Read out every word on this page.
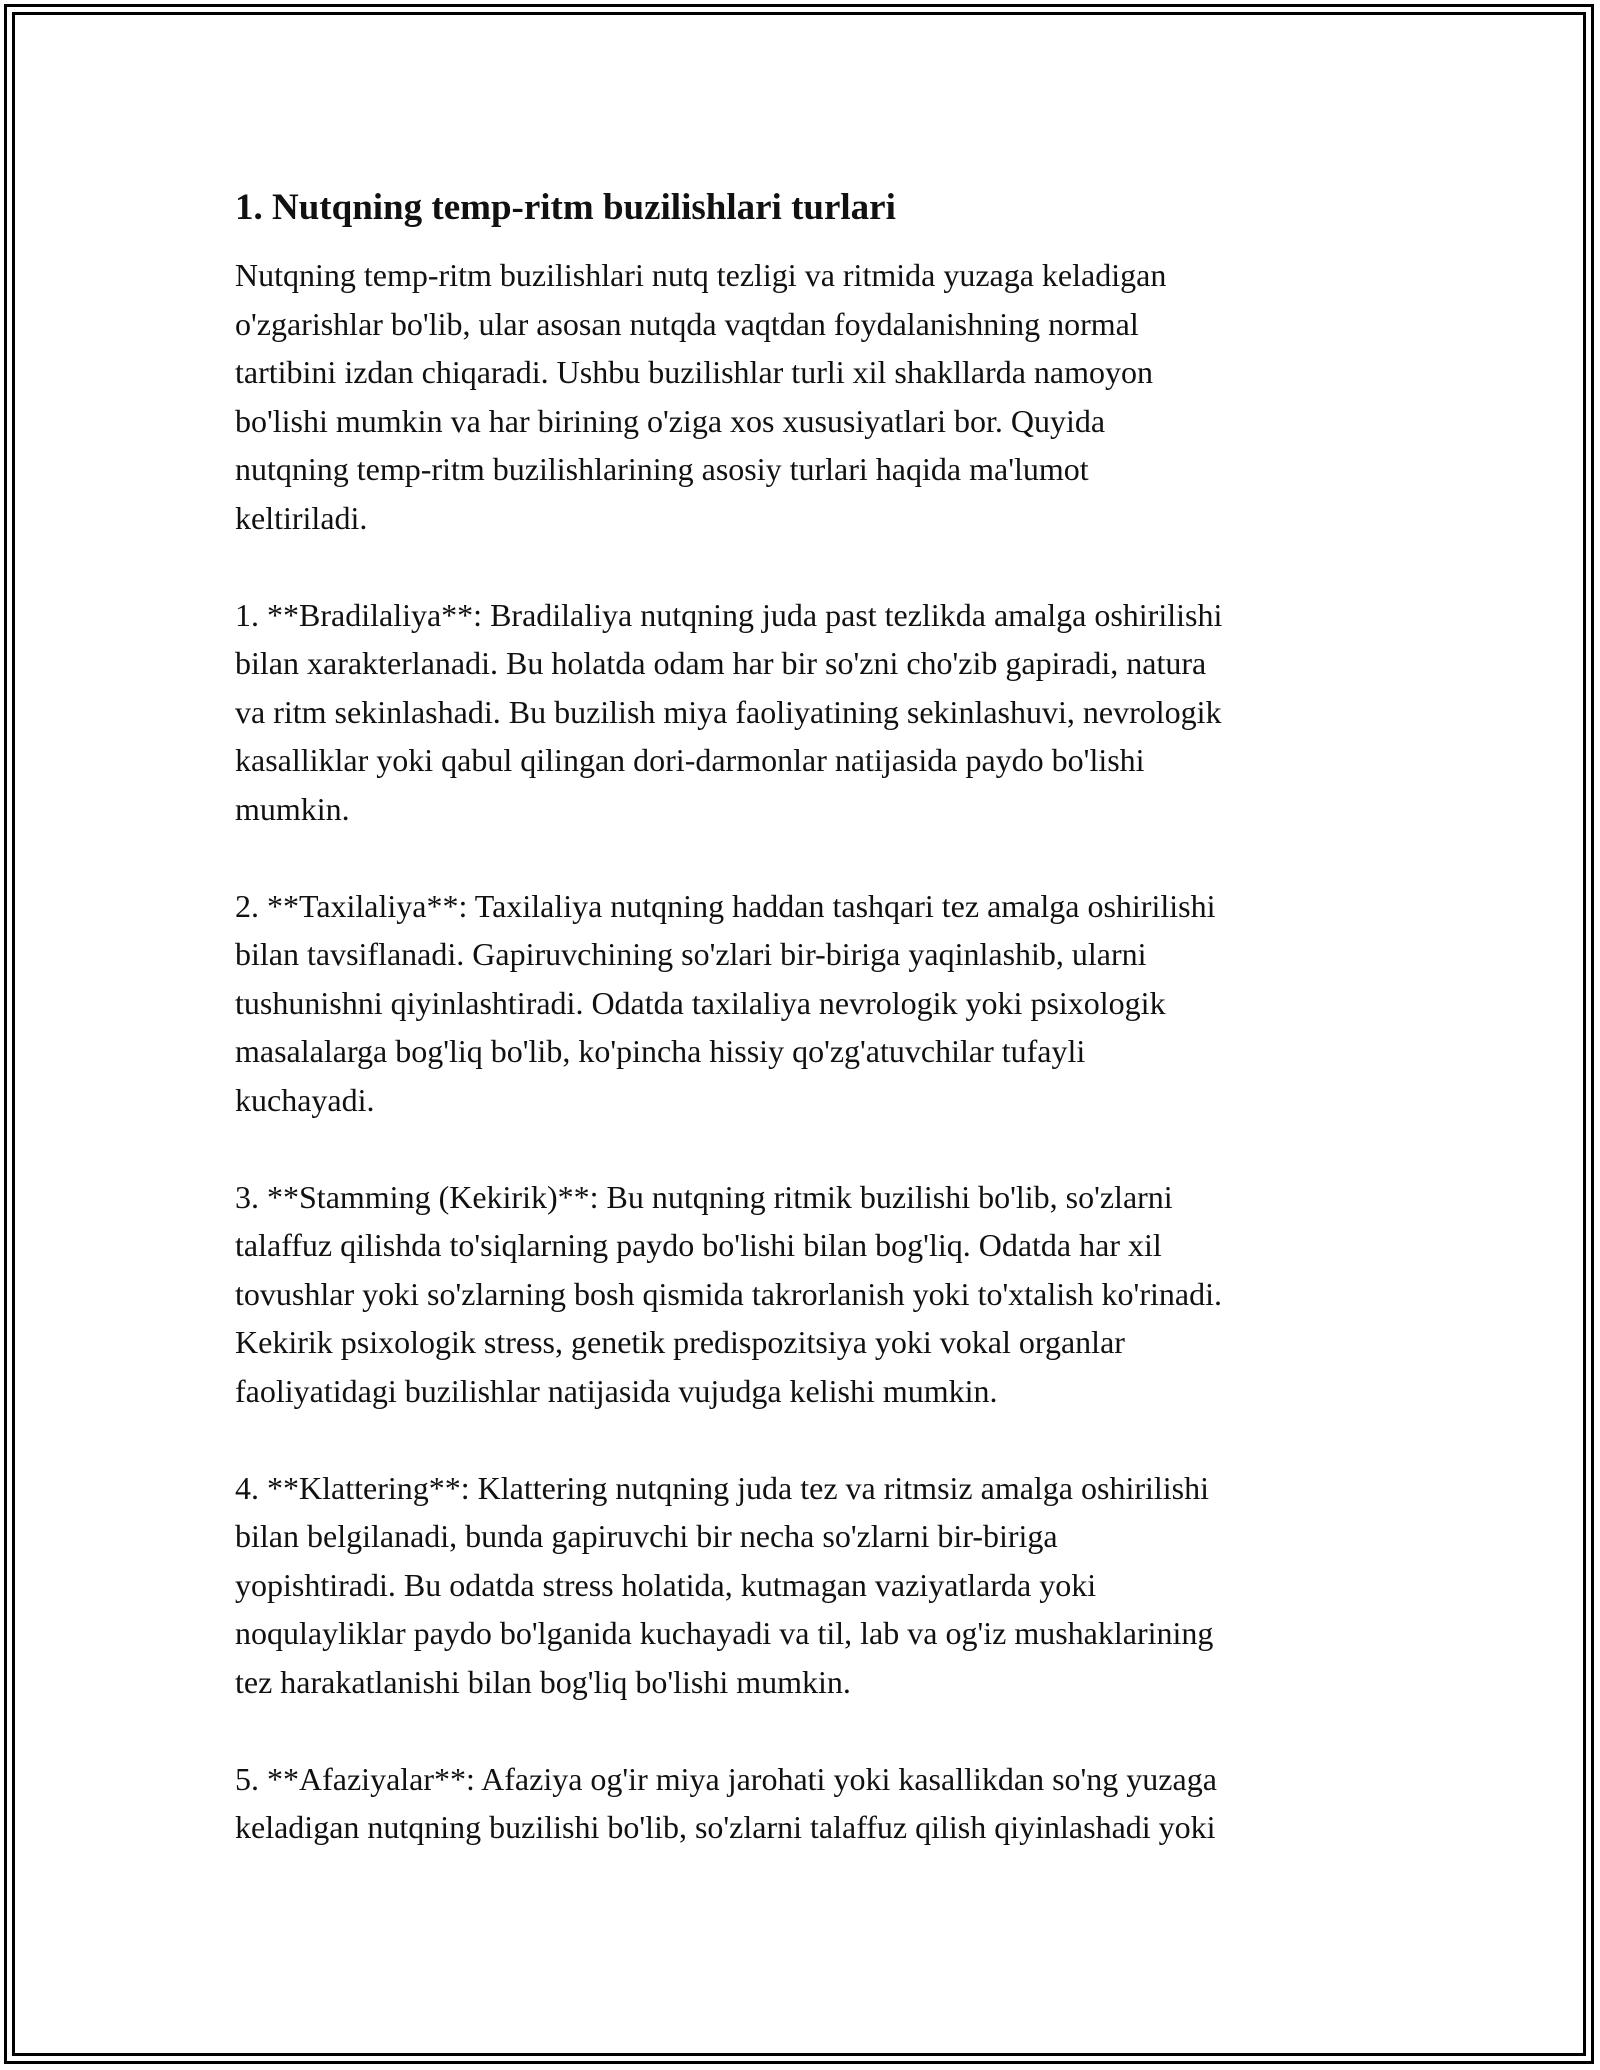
1. Nutqning temp-ritm buzilishlari turlari
Nutqning temp-ritm buzilishlari nutq tezligi va ritmida yuzaga keladigan
o'zgarishlar bo'lib, ular asosan nutqda vaqtdan foydalanishning normal
tartibini izdan chiqaradi. Ushbu buzilishlar turli xil shakllarda namoyon
bo'lishi mumkin va har birining o'ziga xos xususiyatlari bor. Quyida
nutqning temp-ritm buzilishlarining asosiy turlari haqida ma'lumot
keltiriladi.
1. **Bradilaliya**: Bradilaliya nutqning juda past tezlikda amalga oshirilishi
bilan xarakterlanadi. Bu holatda odam har bir so'zni cho'zib gapiradi, natura
va ritm sekinlashadi. Bu buzilish miya faoliyatining sekinlashuvi, nevrologik
kasalliklar yoki qabul qilingan dori-darmonlar natijasida paydo bo'lishi
mumkin.
2. **Taxilaliya**: Taxilaliya nutqning haddan tashqari tez amalga oshirilishi
bilan tavsiflanadi. Gapiruvchining so'zlari bir-biriga yaqinlashib, ularni
tushunishni qiyinlashtiradi. Odatda taxilaliya nevrologik yoki psixologik
masalalarga bog'liq bo'lib, ko'pincha hissiy qo'zg'atuvchilar tufayli
kuchayadi.
3. **Stamming (Kekirik)**: Bu nutqning ritmik buzilishi bo'lib, so'zlarni
talaffuz qilishda to'siqlarning paydo bo'lishi bilan bog'liq. Odatda har xil
tovushlar yoki so'zlarning bosh qismida takrorlanish yoki to'xtalish ko'rinadi.
Kekirik psixologik stress, genetik predispozitsiya yoki vokal organlar
faoliyatidagi buzilishlar natijasida vujudga kelishi mumkin.
4. **Klattering**: Klattering nutqning juda tez va ritmsiz amalga oshirilishi
bilan belgilanadi, bunda gapiruvchi bir necha so'zlarni bir-biriga
yopishtiradi. Bu odatda stress holatida, kutmagan vaziyatlarda yoki
noqulayliklar paydo bo'lganida kuchayadi va til, lab va og'iz mushaklarining
tez harakatlanishi bilan bog'liq bo'lishi mumkin.
5. **Afaziyalar**: Afaziya og'ir miya jarohati yoki kasallikdan so'ng yuzaga
keladigan nutqning buzilishi bo'lib, so'zlarni talaffuz qilish qiyinlashadi yoki
